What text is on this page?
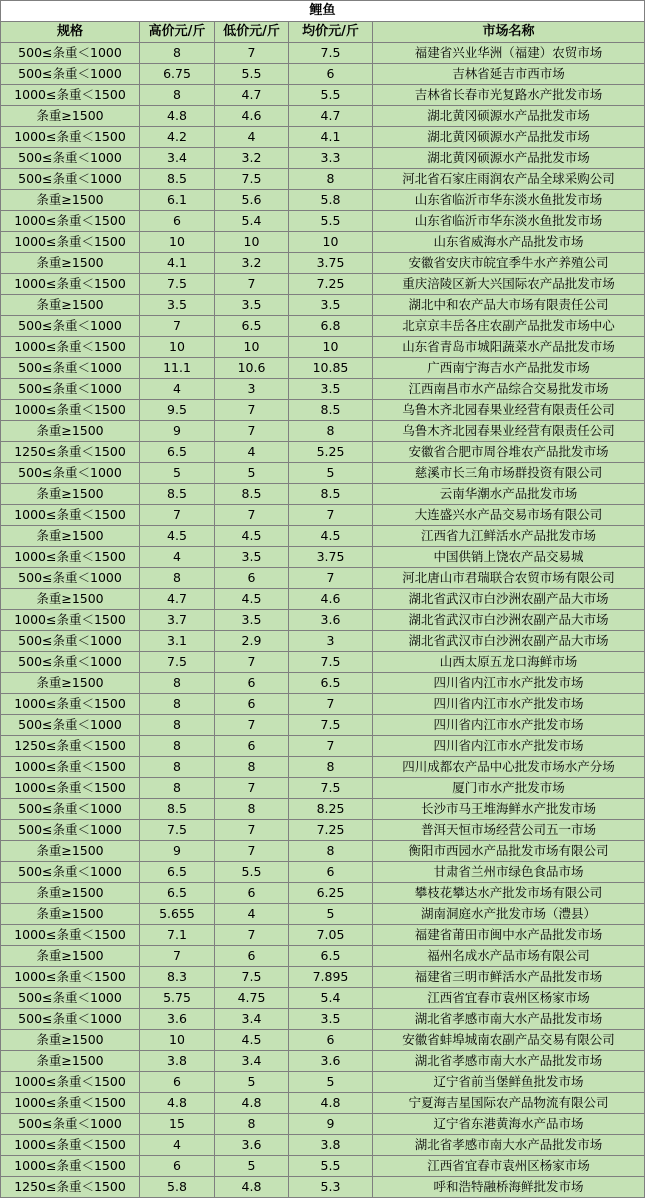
鲤鱼				
规格	高价元/斤	低价元/斤	均价元/斤	市场名称
500≤条重＜1000	8	7	7.5	福建省兴业华洲（福建）农贸市场
500≤条重＜1000	6.75	5.5	6	吉林省延吉市西市场
1000≤条重＜1500	8	4.7	5.5	吉林省长春市光复路水产批发市场
条重≥1500	4.8	4.6	4.7	湖北黄冈硕源水产品批发市场
1000≤条重＜1500	4.2	4	4.1	湖北黄冈硕源水产品批发市场
500≤条重＜1000	3.4	3.2	3.3	湖北黄冈硕源水产品批发市场
500≤条重＜1000	8.5	7.5	8	河北省石家庄雨润农产品全球采购公司
条重≥1500	6.1	5.6	5.8	山东省临沂市华东淡水鱼批发市场
1000≤条重＜1500	6	5.4	5.5	山东省临沂市华东淡水鱼批发市场
1000≤条重＜1500	10	10	10	山东省威海水产品批发市场
条重≥1500	4.1	3.2	3.75	安徽省安庆市皖宜季牛水产养殖公司
1000≤条重＜1500	7.5	7	7.25	重庆涪陵区新大兴国际农产品批发市场
条重≥1500	3.5	3.5	3.5	湖北中和农产品大市场有限责任公司
500≤条重＜1000	7	6.5	6.8	北京京丰岳各庄农副产品批发市场中心
1000≤条重＜1500	10	10	10	山东省青岛市城阳蔬菜水产品批发市场
500≤条重＜1000	11.1	10.6	10.85	广西南宁海吉水产品批发市场
500≤条重＜1000	4	3	3.5	江西南昌市水产品综合交易批发市场
1000≤条重＜1500	9.5	7	8.5	乌鲁木齐北园春果业经营有限责任公司
条重≥1500	9	7	8	乌鲁木齐北园春果业经营有限责任公司
1250≤条重＜1500	6.5	4	5.25	安徽省合肥市周谷堆农产品批发市场
500≤条重＜1000	5	5	5	慈溪市长三角市场群投资有限公司
条重≥1500	8.5	8.5	8.5	云南华潮水产品批发市场
1000≤条重＜1500	7	7	7	大连盛兴水产品交易市场有限公司
条重≥1500	4.5	4.5	4.5	江西省九江鲜活水产品批发市场
1000≤条重＜1500	4	3.5	3.75	中国供销上饶农产品交易城
500≤条重＜1000	8	6	7	河北唐山市君瑞联合农贸市场有限公司
条重≥1500	4.7	4.5	4.6	湖北省武汉市白沙洲农副产品大市场
1000≤条重＜1500	3.7	3.5	3.6	湖北省武汉市白沙洲农副产品大市场
500≤条重＜1000	3.1	2.9	3	湖北省武汉市白沙洲农副产品大市场
500≤条重＜1000	7.5	7	7.5	山西太原五龙口海鲜市场
条重≥1500	8	6	6.5	四川省内江市水产批发市场
1000≤条重＜1500	8	6	7	四川省内江市水产批发市场
500≤条重＜1000	8	7	7.5	四川省内江市水产批发市场
1250≤条重＜1500	8	6	7	四川省内江市水产批发市场
1000≤条重＜1500	8	8	8	四川成都农产品中心批发市场水产分场
1000≤条重＜1500	8	7	7.5	厦门市水产批发市场
500≤条重＜1000	8.5	8	8.25	长沙市马王堆海鲜水产批发市场
500≤条重＜1000	7.5	7	7.25	普洱天恒市场经营公司五一市场
条重≥1500	9	7	8	衡阳市西园水产品批发市场有限公司
500≤条重＜1000	6.5	5.5	6	甘肃省兰州市绿色食品市场
条重≥1500	6.5	6	6.25	攀枝花攀达水产批发市场有限公司
条重≥1500	5.655	4	5	湖南洞庭水产批发市场（澧县）
1000≤条重＜1500	7.1	7	7.05	福建省莆田市闽中水产品批发市场
条重≥1500	7	6	6.5	福州名成水产品市场有限公司
1000≤条重＜1500	8.3	7.5	7.895	福建省三明市鲜活水产品批发市场
500≤条重＜1000	5.75	4.75	5.4	江西省宜春市袁州区杨家市场
500≤条重＜1000	3.6	3.4	3.5	湖北省孝感市南大水产品批发市场
条重≥1500	10	4.5	6	安徽省蚌埠城南农副产品交易有限公司
条重≥1500	3.8	3.4	3.6	湖北省孝感市南大水产品批发市场
1000≤条重＜1500	6	5	5	辽宁省前当堡鲜鱼批发市场
1000≤条重＜1500	4.8	4.8	4.8	宁夏海吉星国际农产品物流有限公司
500≤条重＜1000	15	8	9	辽宁省东港黄海水产品市场
1000≤条重＜1500	4	3.6	3.8	湖北省孝感市南大水产品批发市场
1000≤条重＜1500	6	5	5.5	江西省宜春市袁州区杨家市场
1250≤条重＜1500	5.8	4.8	5.3	呼和浩特融桥海鲜批发市场
